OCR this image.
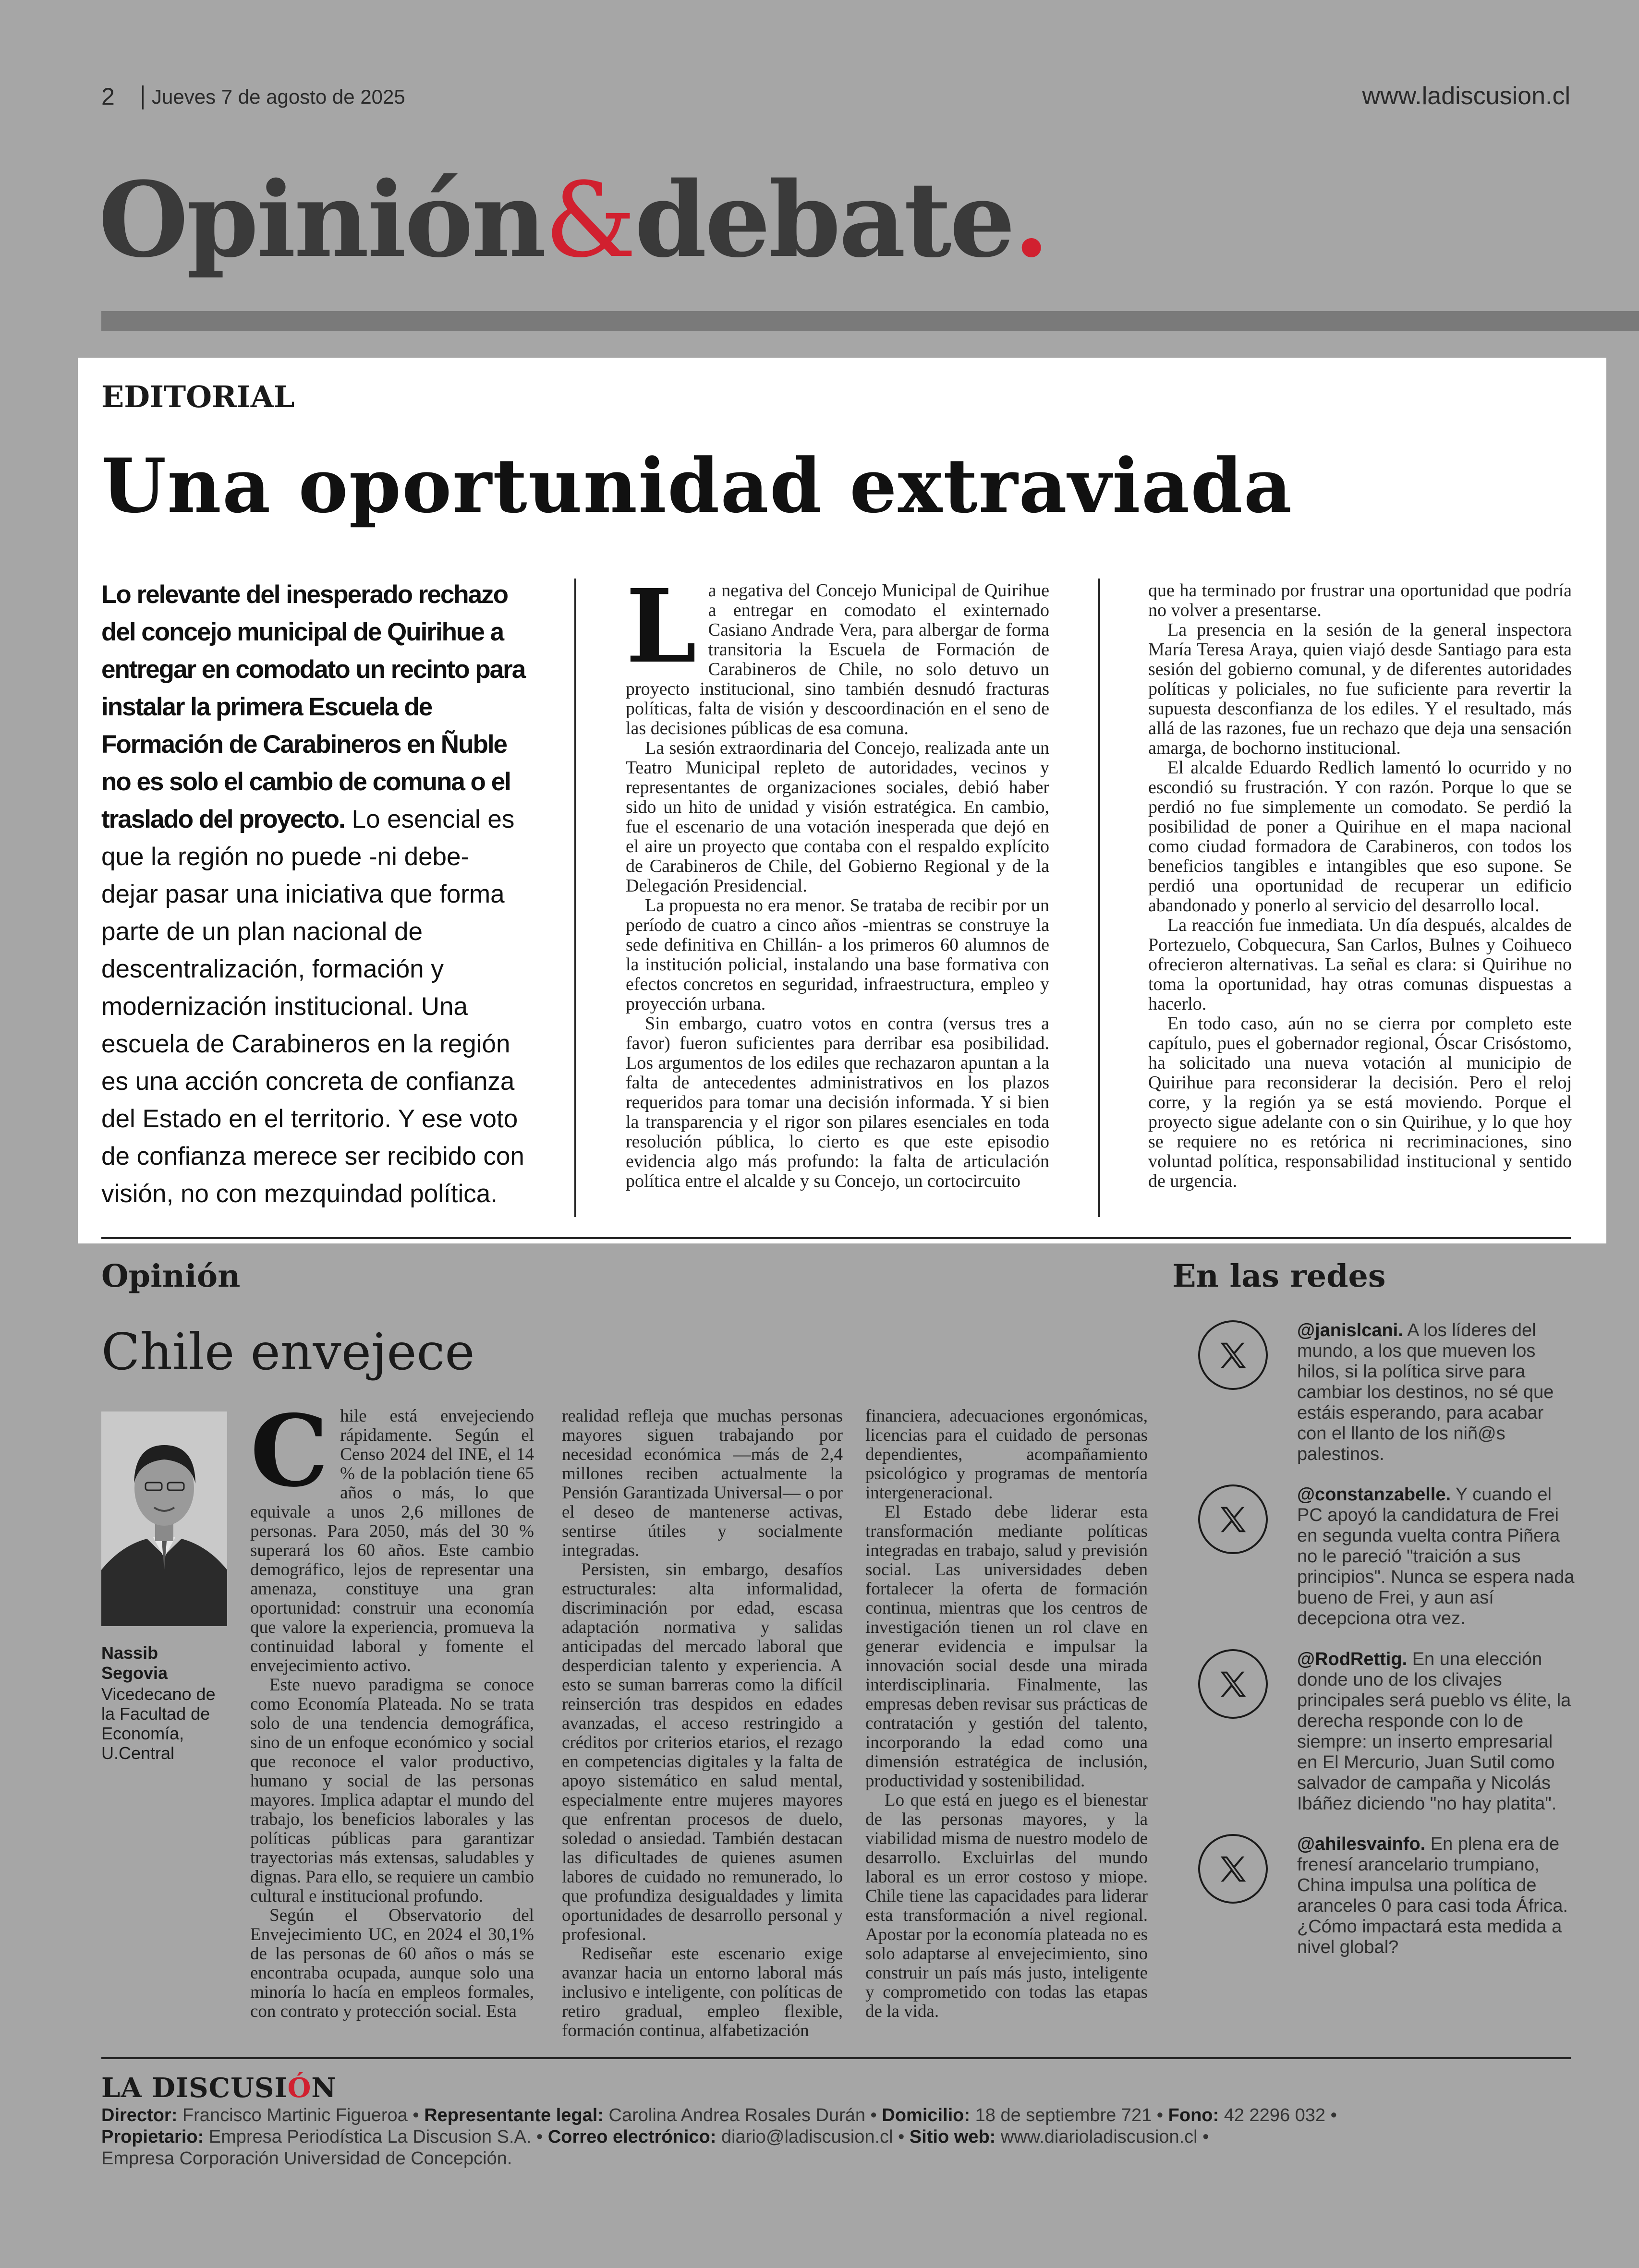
2 Jueves 7 de agosto de 2025	www.ladiscusion.cl
Opinión&debate.
EDITORIAL
Una oportunidad extraviada
Lo relevante del inesperado rechazo del concejo municipal de Quirihue a entregar en comodato un recinto para instalar la primera Escuela de Formación de Carabineros en Ñuble no es solo el cambio de comuna o el traslado del proyecto. Lo esencial es que la región no puede -ni debe- dejar pasar una iniciativa que forma parte de un plan nacional de descentralización, formación y modernización institucional. Una escuela de Carabineros en la región es una acción concreta de confianza del Estado en el territorio. Y ese voto de confianza merece ser recibido con visión, no con mezquindad política.

La negativa del Concejo Municipal de Quirihue a entregar en comodato el exinternado Casiano Andrade Vera, para albergar de forma transitoria la Escuela de Formación de Carabineros de Chile, no solo detuvo un proyecto institucional, sino también desnudó fracturas políticas, falta de visión y descoordinación en el seno de las decisiones públicas de esa comuna.

La sesión extraordinaria del Concejo, realizada ante un Teatro Municipal repleto de autoridades, vecinos y representantes de organizaciones sociales, debió haber sido un hito de unidad y visión estratégica. En cambio, fue el escenario de una votación inesperada que dejó en el aire un proyecto que contaba con el respaldo explícito de Carabineros de Chile, del Gobierno Regional y de la Delegación Presidencial.

La propuesta no era menor. Se trataba de recibir por un período de cuatro a cinco años -mientras se construye la sede definitiva en Chillán- a los primeros 60 alumnos de la institución policial, instalando una base formativa con efectos concretos en seguridad, infraestructura, empleo y proyección urbana.

Sin embargo, cuatro votos en contra (versus tres a favor) fueron suficientes para derribar esa posibilidad. Los argumentos de los ediles que rechazaron apuntan a la falta de antecedentes administrativos en los plazos requeridos para tomar una decisión informada. Y si bien la transparencia y el rigor son pilares esenciales en toda resolución pública, lo cierto es que este episodio evidencia algo más profundo: la falta de articulación política entre el alcalde y su Concejo, un cortocircuito

que ha terminado por frustrar una oportunidad que podría no volver a presentarse.

La presencia en la sesión de la general inspectora María Teresa Araya, quien viajó desde Santiago para esta sesión del gobierno comunal, y de diferentes autoridades políticas y policiales, no fue suficiente para revertir la supuesta desconfianza de los ediles. Y el resultado, más allá de las razones, fue un rechazo que deja una sensación amarga, de bochorno institucional.

El alcalde Eduardo Redlich lamentó lo ocurrido y no escondió su frustración. Y con razón. Porque lo que se perdió no fue simplemente un comodato. Se perdió la posibilidad de poner a Quirihue en el mapa nacional como ciudad formadora de Carabineros, con todos los beneficios tangibles e intangibles que eso supone. Se perdió una oportunidad de recuperar un edificio abandonado y ponerlo al servicio del desarrollo local.

La reacción fue inmediata. Un día después, alcaldes de Portezuelo, Cobquecura, San Carlos, Bulnes y Coihueco ofrecieron alternativas. La señal es clara: si Quirihue no toma la oportunidad, hay otras comunas dispuestas a hacerlo.

En todo caso, aún no se cierra por completo este capítulo, pues el gobernador regional, Óscar Crisóstomo, ha solicitado una nueva votación al municipio de Quirihue para reconsiderar la decisión. Pero el reloj corre, y la región ya se está moviendo. Porque el proyecto sigue adelante con o sin Quirihue, y lo que hoy se requiere no es retórica ni recriminaciones, sino voluntad política, responsabilidad institucional y sentido de urgencia.

Opinión
Chile envejece
Nassib Segovia
Vicedecano de la Facultad de Economía, U.Central

Chile está envejeciendo rápidamente. Según el Censo 2024 del INE, el 14 % de la población tiene 65 años o más, lo que equivale a unos 2,6 millones de personas. Para 2050, más del 30 % superará los 60 años. Este cambio demográfico, lejos de representar una amenaza, constituye una gran oportunidad: construir una economía que valore la experiencia, promueva la continuidad laboral y fomente el envejecimiento activo.

Este nuevo paradigma se conoce como Economía Plateada. No se trata solo de una tendencia demográfica, sino de un enfoque económico y social que reconoce el valor productivo, humano y social de las personas mayores. Implica adaptar el mundo del trabajo, los beneficios laborales y las políticas públicas para garantizar trayectorias más extensas, saludables y dignas. Para ello, se requiere un cambio cultural e institucional profundo.

Según el Observatorio del Envejecimiento UC, en 2024 el 30,1% de las personas de 60 años o más se encontraba ocupada, aunque solo una minoría lo hacía en empleos formales, con contrato y protección social. Esta

realidad refleja que muchas personas mayores siguen trabajando por necesidad económica —más de 2,4 millones reciben actualmente la Pensión Garantizada Universal— o por el deseo de mantenerse activas, sentirse útiles y socialmente integradas.

Persisten, sin embargo, desafíos estructurales: alta informalidad, discriminación por edad, escasa adaptación normativa y salidas anticipadas del mercado laboral que desperdician talento y experiencia. A esto se suman barreras como la difícil reinserción tras despidos en edades avanzadas, el acceso restringido a créditos por criterios etarios, el rezago en competencias digitales y la falta de apoyo sistemático en salud mental, especialmente entre mujeres mayores que enfrentan procesos de duelo, soledad o ansiedad. También destacan las dificultades de quienes asumen labores de cuidado no remunerado, lo que profundiza desigualdades y limita oportunidades de desarrollo personal y profesional.

Rediseñar este escenario exige avanzar hacia un entorno laboral más inclusivo e inteligente, con políticas de retiro gradual, empleo flexible, formación continua, alfabetización

financiera, adecuaciones ergonómicas, licencias para el cuidado de personas dependientes, acompañamiento psicológico y programas de mentoría intergeneracional.

El Estado debe liderar esta transformación mediante políticas integradas en trabajo, salud y previsión social. Las universidades deben fortalecer la oferta de formación continua, mientras que los centros de investigación tienen un rol clave en generar evidencia e impulsar la innovación social desde una mirada interdisciplinaria. Finalmente, las empresas deben revisar sus prácticas de contratación y gestión del talento, incorporando la edad como una dimensión estratégica de inclusión, productividad y sostenibilidad.

Lo que está en juego es el bienestar de las personas mayores, y la viabilidad misma de nuestro modelo de desarrollo. Excluirlas del mundo laboral es un error costoso y miope. Chile tiene las capacidades para liderar esta transformación a nivel regional. Apostar por la economía plateada no es solo adaptarse al envejecimiento, sino construir un país más justo, inteligente y comprometido con todas las etapas de la vida.

En las redes
@janislcani. A los líderes del mundo, a los que mueven los hilos, si la política sirve para cambiar los destinos, no sé que estáis esperando, para acabar con el llanto de los niñ@s palestinos.
@constanzabelle. Y cuando el PC apoyó la candidatura de Frei en segunda vuelta contra Piñera no le pareció "traición a sus principios". Nunca se espera nada bueno de Frei, y aun así decepciona otra vez.
@RodRettig. En una elección donde uno de los clivajes principales será pueblo vs élite, la derecha responde con lo de siempre: un inserto empresarial en El Mercurio, Juan Sutil como salvador de campaña y Nicolás Ibáñez diciendo "no hay platita".
@ahilesvainfo. En plena era de frenesí arancelario trumpiano, China impulsa una política de aranceles 0 para casi toda África. ¿Cómo impactará esta medida a nivel global?
LA DISCUSIÓN
Director: Francisco Martinic Figueroa • Representante legal: Carolina Andrea Rosales Durán • Domicilio: 18 de septiembre 721 • Fono: 42 2296 032 •
Propietario: Empresa Periodística La Discusion S.A. • Correo electrónico: diario@ladiscusion.cl • Sitio web: www.diarioladiscusion.cl •
Empresa Corporación Universidad de Concepción.
